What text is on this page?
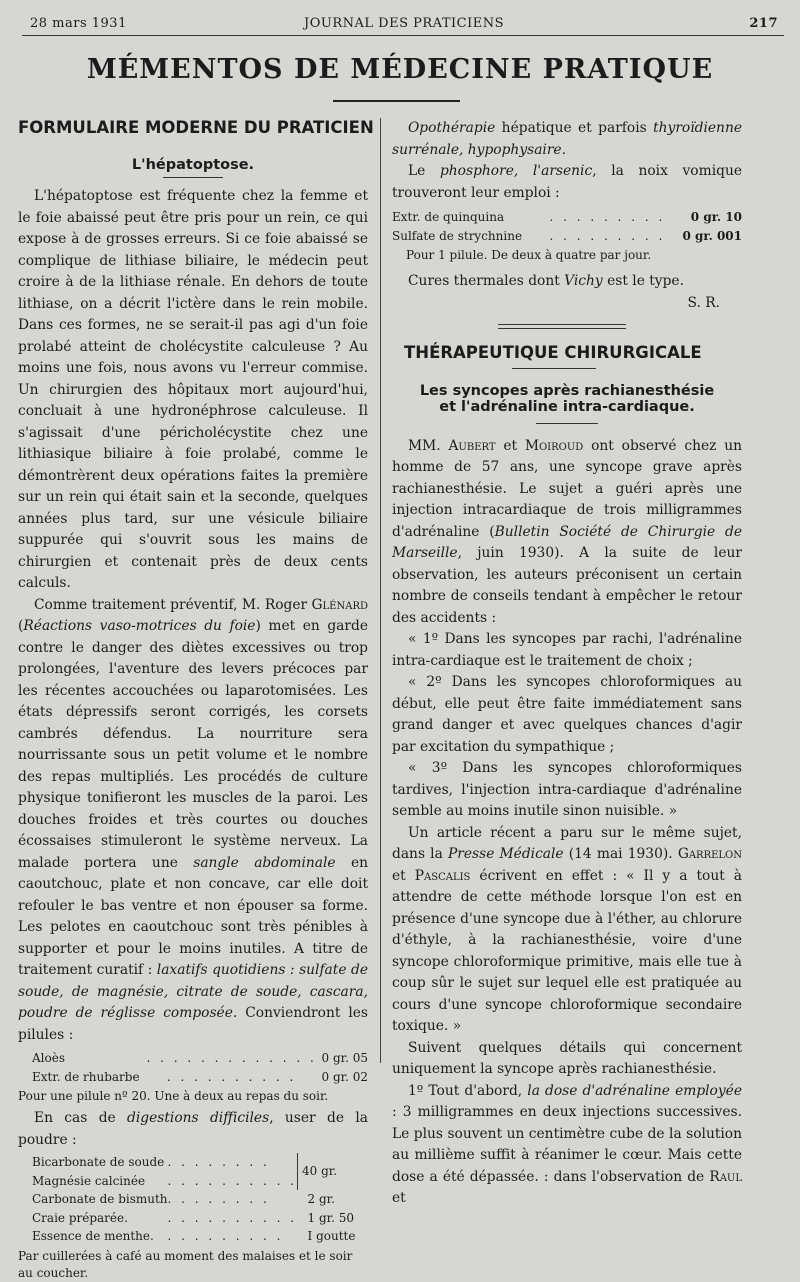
28 mars 1931	JOURNAL DES PRATICIENS	217
MÉMENTOS DE MÉDECINE PRATIQUE
FORMULAIRE MODERNE DU PRATICIEN
L'hépatoptose.

L'hépatoptose est fréquente chez la femme et le foie abaissé peut être pris pour un rein, ce qui expose à de grosses erreurs. Si ce foie abaissé se complique de lithiase biliaire, le médecin peut croire à de la lithiase rénale. En dehors de toute lithiase, on a décrit l'ictère dans le rein mobile. Dans ces formes, ne se serait-il pas agi d'un foie prolabé atteint de cholécystite calculeuse ? Au moins une fois, nous avons vu l'erreur commise. Un chirurgien des hôpitaux mort aujourd'hui, concluait à une hydronéphrose calculeuse. Il s'agissait d'une péricholécystite chez une lithiasique biliaire à foie prolabé, comme le démontrèrent deux opérations faites la première sur un rein qui était sain et la seconde, quelques années plus tard, sur une vésicule biliaire suppurée qui s'ouvrit sous les mains de chirurgien et contenait près de deux cents calculs.

Comme traitement préventif, M. Roger Glénard (Réactions vaso-motrices du foie) met en garde contre le danger des diètes excessives ou trop prolongées, l'aventure des levers précoces par les récentes accouchées ou laparotomisées. Les états dépressifs seront corrigés, les corsets cambrés défendus. La nourriture sera nourrissante sous un petit volume et le nombre des repas multipliés. Les procédés de culture physique tonifieront les muscles de la paroi. Les douches froides et très courtes ou douches écossaises stimuleront le système nerveux. La malade portera une sangle abdominale en caoutchouc, plate et non concave, car elle doit refouler le bas ventre et non épouser sa forme. Les pelotes en caoutchouc sont très pénibles à supporter et pour le moins inutiles. A titre de traitement curatif : laxatifs quotidiens : sulfate de soude, de magnésie, citrate de soude, cascara, poudre de réglisse composée. Conviendront les pilules :

Aloès	. . . . . . . . . . . . .	0 gr. 05
Extr. de rhubarbe	. . . . . . . . . .	0 gr. 02
Pour une pilule nº 20. Une à deux au repas du soir.

En cas de digestions difficiles, user de la poudre :

Bicarbonate de soude	. . . . . . . .	40 gr.
Magnésie calcinée	. . . . . . . . . .	
Carbonate de bismuth	. . . . . . . .	2 gr.
Craie préparée.	. . . . . . . . . .	1 gr. 50
Essence de menthe.	. . . . . . . . .	I goutte
Par cuillerées à café au moment des malaises et le soir au coucher.

Opothérapie hépatique et parfois thyroïdienne surrénale, hypophysaire.

Le phosphore, l'arsenic, la noix vomique trouveront leur emploi :

Extr. de quinquina	. . . . . . . . .	0 gr. 10
Sulfate de strychnine	. . . . . . . . .	0 gr. 001
Pour 1 pilule. De deux à quatre par jour.

Cures thermales dont Vichy est le type.

S. R.
THÉRAPEUTIQUE CHIRURGICALE
Les syncopes après rachianesthésie
et l'adrénaline intra-cardiaque.

MM. Aubert et Moiroud ont observé chez un homme de 57 ans, une syncope grave après rachianesthésie. Le sujet a guéri après une injection intracardiaque de trois milligrammes d'adrénaline (Bulletin Société de Chirurgie de Marseille, juin 1930). A la suite de leur observation, les auteurs préconisent un certain nombre de conseils tendant à empêcher le retour des accidents :

« 1º Dans les syncopes par rachi, l'adrénaline intra-cardiaque est le traitement de choix ;

« 2º Dans les syncopes chloroformiques au début, elle peut être faite immédiatement sans grand danger et avec quelques chances d'agir par excitation du sympathique ;

« 3º Dans les syncopes chloroformiques tardives, l'injection intra-cardiaque d'adrénaline semble au moins inutile sinon nuisible. »

Un article récent a paru sur le même sujet, dans la Presse Médicale (14 mai 1930). Garrelon et Pascalis écrivent en effet : « Il y a tout à attendre de cette méthode lorsque l'on est en présence d'une syncope due à l'éther, au chlorure d'éthyle, à la rachianesthésie, voire d'une syncope chloroformique primitive, mais elle tue à coup sûr le sujet sur lequel elle est pratiquée au cours d'une syncope chloroformique secondaire toxique. »

Suivent quelques détails qui concernent uniquement la syncope après rachianesthésie.

1º Tout d'abord, la dose d'adrénaline employée : 3 milligrammes en deux injections successives. Le plus souvent un centimètre cube de la solution au millième suffit à réanimer le cœur. Mais cette dose a été dépassée. : dans l'observation de Raul et
